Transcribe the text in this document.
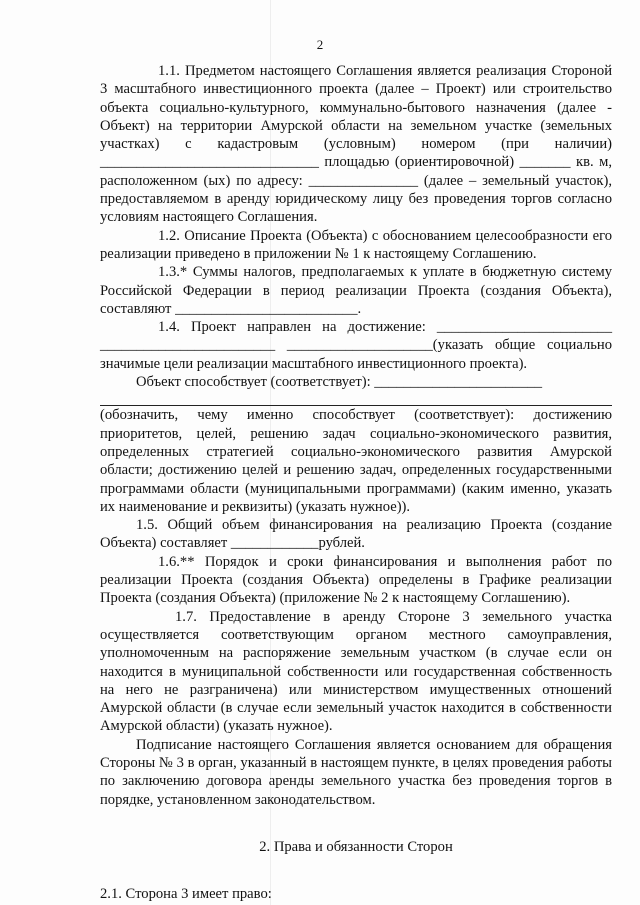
2

1.1. Предметом настоящего Соглашения является реализация Стороной 3 масштабного инвестиционного проекта (далее – Проект) или строительство объекта социально-культурного, коммунально-бытового назначения (далее - Объект) на территории Амурской области на земельном участке (земельных участках) с кадастровым (условным) номером (при наличии) ______________________________ площадью (ориентировочной) _______ кв. м, расположенном (ых) по адресу: _______________ (далее – земельный участок), предоставляемом в аренду юридическому лицу без проведения торгов согласно условиям настоящего Соглашения.

1.2. Описание Проекта (Объекта) с обоснованием целесообразности его реализации приведено в приложении № 1 к настоящему Соглашению.

1.3.* Суммы налогов, предполагаемых к уплате в бюджетную систему Российской Федерации в период реализации Проекта (создания Объекта), составляют _________________________.

1.4. Проект направлен на достижение: ________________________ ________________________ ____________________(указать общие социально значимые цели реализации масштабного инвестиционного проекта).

Объект способствует (соответствует): _______________________

(обозначить, чему именно способствует (соответствует): достижению приоритетов, целей, решению задач социально-экономического развития, определенных стратегией социально-экономического развития Амурской области; достижению целей и решению задач, определенных государственными программами области (муниципальными программами) (каким именно, указать их наименование и реквизиты) (указать нужное)).

1.5. Общий объем финансирования на реализацию Проекта (создание Объекта) составляет ____________рублей.

1.6.** Порядок и сроки финансирования и выполнения работ по реализации Проекта (создания Объекта) определены в Графике реализации Проекта (создания Объекта) (приложение № 2 к настоящему Соглашению).

1.7. Предоставление в аренду Стороне 3 земельного участка осуществляется соответствующим органом местного самоуправления, уполномоченным на распоряжение земельным участком (в случае если он находится в муниципальной собственности или государственная собственность на него не разграничена) или министерством имущественных отношений Амурской области (в случае если земельный участок находится в собственности Амурской области) (указать нужное).

Подписание настоящего Соглашения является основанием для обращения Стороны № 3 в орган, указанный в настоящем пункте, в целях проведения работы по заключению договора аренды земельного участка без проведения торгов в порядке, установленном законодательством.

2. Права и обязанности Сторон

2.1. Сторона 3 имеет право:
